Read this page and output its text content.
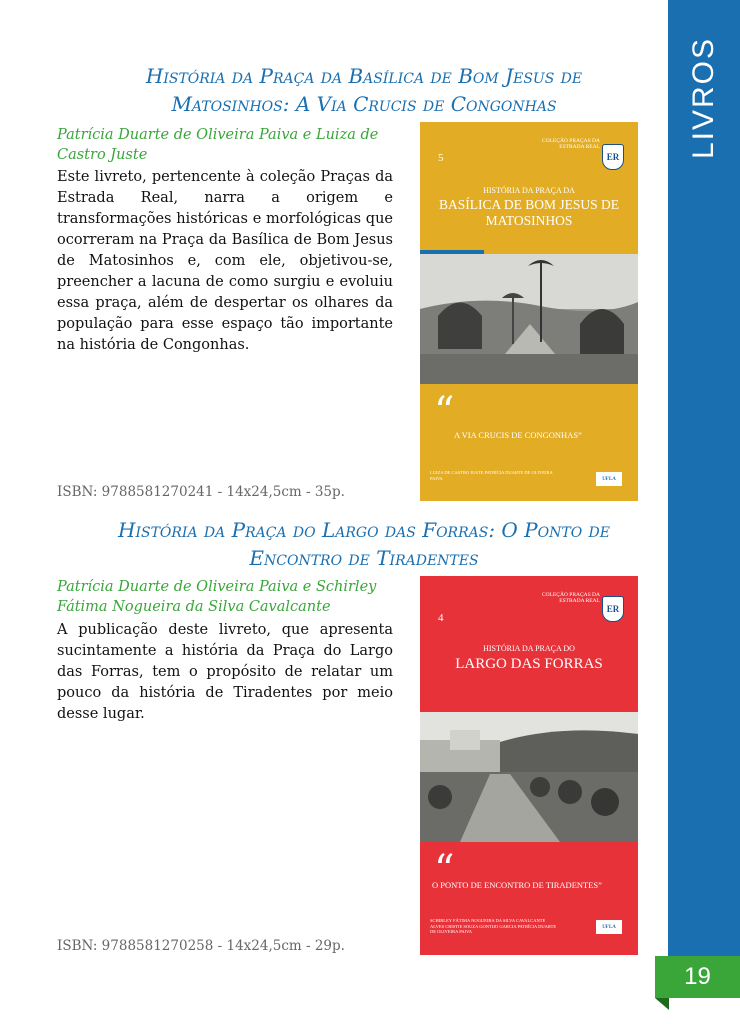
LIVROS
19
História da Praça da Basílica de Bom Jesus de
Matosinhos: A Via Crucis de Congonhas
Patrícia Duarte de Oliveira Paiva e Luiza de Castro Juste
Este livreto, pertencente à coleção Praças da Estrada Real, narra a origem e transformações históricas e morfológicas que ocorreram na Praça da Basílica de Bom Jesus de Matosinhos e, com ele, objetivou-se, preencher a lacuna de como surgiu e evoluiu essa praça, além de despertar os olhares da população para esse espaço tão importante na história de Congonhas.
ISBN: 9788581270241 - 14x24,5cm - 35p.
5
COLEÇÃO PRAÇAS DA ESTRADA REAL
ER
HISTÓRIA DA PRAÇA DA
BASÍLICA DE BOM JESUS DE
MATOSINHOS
“ A VIA CRUCIS DE CONGONHAS”
LUIZA DE CASTRO JUSTE PATRÍCIA DUARTE DE OLIVEIRA PAIVA	UFLA
História da Praça do Largo das Forras: O Ponto de
Encontro de Tiradentes
Patrícia Duarte de Oliveira Paiva e Schirley Fátima Nogueira da Silva Cavalcante
A publicação deste livreto, que apresenta sucintamente a história da Praça do Largo das Forras, tem o propósito de relatar um pouco da história de Tiradentes por meio desse lugar.
ISBN: 9788581270258 - 14x24,5cm - 29p.
4
COLEÇÃO PRAÇAS DA ESTRADA REAL
ER
HISTÓRIA DA PRAÇA DO
LARGO DAS FORRAS
“
O PONTO DE ENCONTRO DE TIRADENTES”
SCHIRLEY FÁTIMA NOGUEIRA DA SILVA CAVALCANTE ALVES CRISTIE SOUZA GONTIJO GARCIA PATRÍCIA DUARTE DE OLIVEIRA PAIVA
UFLA
